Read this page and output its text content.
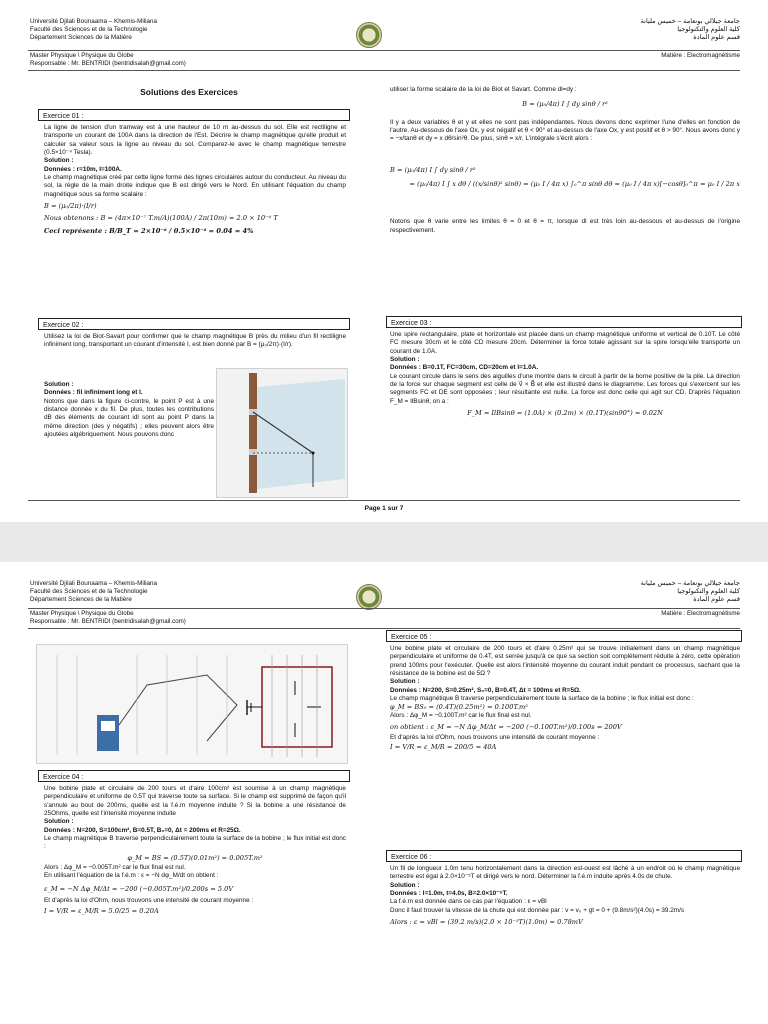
Université Djilali Bounaama – Khemis-Miliana
Faculté des Sciences et de la Technologie
Département Sciences de la Matière
جامعة جيلالي بونعامة – خميس مليانة
كلية العلوم والتكنولوجيا
قسم علوم المادة
Master Physique \ Physique du Globe
Responsable : Mr. BENTRIDI (bentridisalah@gmail.com)
Matière : Electromagnétisme
Solutions des Exercices
Exercice 01 :

La ligne de tension d'un tramway est à une hauteur de 10 m au-dessus du sol. Elle est rectiligne et transporte un courant de 100A dans la direction de l'Est. Décrire le champ magnétique qu'elle produit et calculer sa valeur sous la ligne au niveau du sol. Comparez-le avec le champ magnétique terrestre (0.5×10⁻⁴ Tesla).

Solution :

Données : r=10m, I=100A.

Le champ magnétique créé par cette ligne forme des lignes circulaires autour du conducteur. Au niveau du sol, la règle de la main droite indique que B est dirigé vers le Nord. En utilisant l'équation du champ magnétique sous sa forme scalaire :

B = (μ₀/2π)·(I/r)

Nous obtenons : B = (4π×10⁻⁷ T.m/A)(100A) / 2π(10m) = 2.0 × 10⁻⁶ T

Ceci représente : B/B_T = 2×10⁻⁶ / 0.5×10⁻⁴ = 0.04 = 4%

Exercice 02 :

Utilisez la loi de Biot-Savart pour confirmer que le champ magnétique B près du milieu d'un fil rectiligne infiniment long, transportant un courant d'intensité I, est bien donné par B = (μ₀/2π)·(I/r).

Solution :

Données : fil infiniment long et I.

Notons que dans la figure ci-contre, le point P est à une distance donnée x du fil. De plus, toutes les contributions dB des éléments de courant idl sont au point P dans la même direction (des y négatifs) ; elles peuvent alors être ajoutées algébriquement. Nous pouvons donc

utiliser la forme scalaire de la loi de Biot et Savart. Comme dl=dy :

B = (μ₀/4π) I ∫ dy sinθ / r²

Il y a deux variables θ et y et elles ne sont pas indépendantes. Nous devons donc exprimer l'une d'elles en fonction de l'autre. Au-dessous de l'axe Ox, y est négatif et θ < 90° et au-dessus de l'axe Ox, y est positif et θ > 90°. Nous avons donc y = −x/tanθ et dy = x dθ/sin²θ. De plus, sinθ = x/r. L'intégrale s'écrit alors :

B = (μ₀/4π) I ∫ dy sinθ / r²

= (μ₀/4π) I ∫ x dθ / ((x/sinθ)² sinθ) = (μ₀ I / 4π x) ∫₀^π sinθ dθ = (μ₀ I / 4π x)[−cosθ]₀^π = μ₀ I / 2π x

Notons que θ varie entre les limites θ = 0 et θ = π, lorsque dl est très loin au-dessous et au-dessus de l'origine respectivement.

Exercice 03 :

Une spire rectangulaire, plate et horizontale est placée dans un champ magnétique uniforme et vertical de 0.10T. Le côté FC mesure 30cm et le côté CD mesure 20cm. Déterminer la force totale agissant sur la spire lorsqu'elle transporte un courant de 1.0A.

Solution :

Données : B=0.1T, FC=30cm, CD=20cm et I=1.0A.

Le courant circule dans le sens des aiguilles d'une montre dans le circuit à partir de la borne positive de la pile. La direction de la force sur chaque segment est celle de v⃗ × B⃗ et elle est illustré dans le diagramme. Les forces qui s'exercent sur les segments FC et DE sont opposées ; leur résultante est nulle. La force est donc celle qui agit sur CD. D'après l'équation F_M = IlBsinθ, on a :

F_M = IlBsinθ = (1.0A) × (0.2m) × (0.1T)(sin90°) = 0.02N

Page 1 sur 7
Université Djilali Bounaama – Khemis-Miliana
Faculté des Sciences et de la Technologie
Département Sciences de la Matière
جامعة جيلالي بونعامة – خميس مليانة
كلية العلوم والتكنولوجيا
قسم علوم المادة
Master Physique \ Physique du Globe
Responsable : Mr. BENTRIDI (bentridisalah@gmail.com)
Matière : Electromagnétisme
Exercice 04 :

Une bobine plate et circulaire de 200 tours et d'aire 100cm² est soumise à un champ magnétique perpendiculaire et uniforme de 0.5T qui traverse toute sa surface. Si le champ est supprimé de façon qu'il s'annule au bout de 200ms, quelle est la f.é.m moyenne induite ? Si la bobine a une résistance de 25Ohms, quelle est l'intensité moyenne induite

Solution :

Données : N=200, S=100cm², B=0.5T, B₀=0, Δt = 200ms et R=25Ω.

Le champ magnétique B traverse perpendiculairement toute la surface de la bobine ; le flux initial est donc :

φ_M = BS = (0.5T)(0.01m²) = 0.005T.m²

Alors : Δφ_M = −0.005T.m² car le flux final est nul.

En utilisant l'équation de la f.é.m : ε = −N dφ_M/dt on obtient :

ε_M = −N Δφ_M/Δt = −200 (−0.005T.m²)/0.200s = 5.0V

Et d'après la loi d'Ohm, nous trouvons une intensité de courant moyenne :

I = V/R = ε_M/R = 5.0/25 = 0.20A

Exercice 05 :

Une bobine plate et circulaire de 200 tours et d'aire 0.25m² qui se trouve initialement dans un champ magnétique perpendiculaire et uniforme de 0.4T, est serrée jusqu'à ce que sa section soit complètement réduite à zéro, cette opération prend 100ms pour l'exécuter. Quelle est alors l'intensité moyenne du courant induit pendant ce processus, sachant que la résistance de la bobine est de 5Ω ?

Solution :

Données : N=200, S=0.25m², S₀=0, B=0.4T, Δt = 100ms et R=5Ω.

Le champ magnétique B traverse perpendiculairement toute la surface de la bobine ; le flux initial est donc :

φ_M = BS₀ = (0.4T)(0.25m²) = 0.100T.m²

Alors : Δφ_M = −0.100T.m² car le flux final est nul.

on obtient : ε_M = −N Δφ_M/Δt = −200 (−0.100T.m²)/0.100s = 200V

Et d'après la loi d'Ohm, nous trouvons une intensité de courant moyenne :

I = V/R = ε_M/R = 200/5 = 40A

Exercice 06 :

Un fil de longueur 1.0m tenu horizontalement dans la direction est-ouest est lâché à un endroit où le champ magnétique terrestre est égal à 2.0×10⁻⁵T et dirigé vers le nord. Déterminer la f.é.m induite après 4.0s de chute.

Solution :

Données : l=1.0m, t=4.0s, B=2.0×10⁻⁵T.

La f.é.m est donnée dans ce cas par l'équation : ε = vBl

Donc il faut trouver la vitesse de la chute qui est donnée par : v = v₀ + gt = 0 + (9.8m/s²)(4.0s) = 39.2m/s

Alors : ε = vBl = (39.2 m/s)(2.0 × 10⁻⁵T)(1.0m) = 0.78mV
